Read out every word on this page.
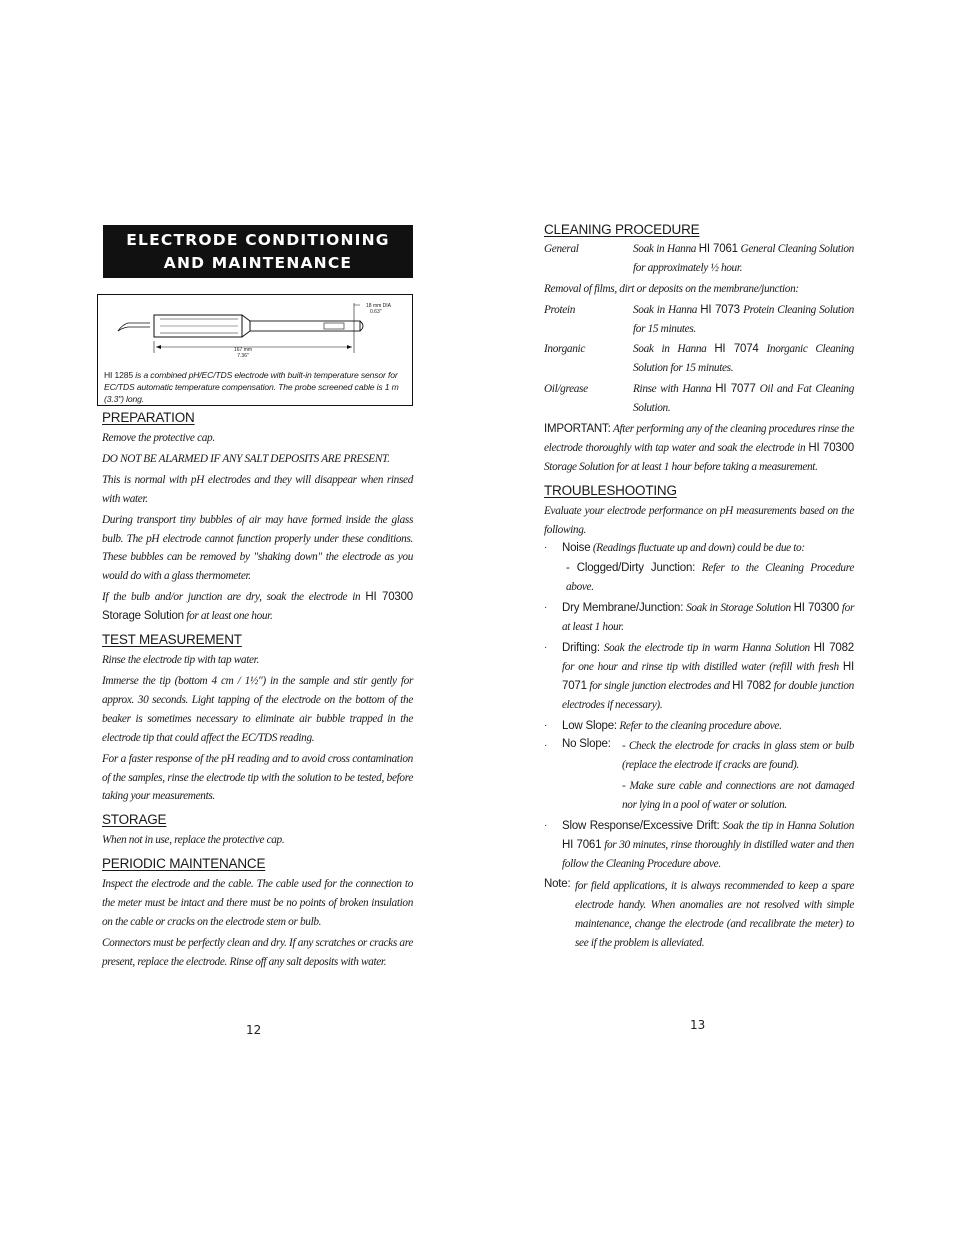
ELECTRODE CONDITIONING
AND MAINTENANCE
18 mm DIA
0.63"
167 mm
7.36"
HI 1285 is a combined pH/EC/TDS electrode with built-in temperature sensor for EC/TDS automatic temperature compensation. The probe screened cable is 1 m (3.3") long.
PREPARATION

Remove the protective cap.

DO NOT BE ALARMED IF ANY SALT DEPOSITS ARE PRESENT.

This is normal with pH electrodes and they will disappear when rinsed with water.

During transport tiny bubbles of air may have formed inside the glass bulb. The pH electrode cannot function properly under these conditions. These bubbles can be removed by "shaking down" the electrode as you would do with a glass thermometer.

If the bulb and/or junction are dry, soak the electrode in HI 70300 Storage Solution for at least one hour.

TEST MEASUREMENT

Rinse the electrode tip with tap water.

Immerse the tip (bottom 4 cm / 1½") in the sample and stir gently for approx. 30 seconds. Light tapping of the electrode on the bottom of the beaker is sometimes necessary to eliminate air bubble trapped in the electrode tip that could affect the EC/TDS reading.

For a faster response of the pH reading and to avoid cross contamination of the samples, rinse the electrode tip with the solution to be tested, before taking your measurements.

STORAGE

When not in use, replace the protective cap.

PERIODIC MAINTENANCE

Inspect the electrode and the cable. The cable used for the connection to the meter must be intact and there must be no points of broken insulation on the cable or cracks on the electrode stem or bulb.

Connectors must be perfectly clean and dry. If any scratches or cracks are present, replace the electrode. Rinse off any salt deposits with water.

12
CLEANING PROCEDURE
General	Soak in Hanna HI 7061 General Cleaning Solution for approximately ½ hour.

Removal of films, dirt or deposits on the membrane/junction:

Protein	Soak in Hanna HI 7073 Protein Cleaning Solution for 15 minutes.

Inorganic	Soak in Hanna HI 7074 Inorganic Cleaning Solution for 15 minutes.

Oil/grease	Rinse with Hanna HI 7077 Oil and Fat Cleaning Solution.

IMPORTANT: After performing any of the cleaning procedures rinse the electrode thoroughly with tap water and soak the electrode in HI 70300 Storage Solution for at least 1 hour before taking a measurement.

TROUBLESHOOTING

Evaluate your electrode performance on pH measurements based on the following.

· Noise (Readings fluctuate up and down) could be due to:

- Clogged/Dirty Junction: Refer to the Cleaning Procedure above.

· Dry Membrane/Junction: Soak in Storage Solution HI 70300 for at least 1 hour.

· Drifting: Soak the electrode tip in warm Hanna Solution HI 7082 for one hour and rinse tip with distilled water (refill with fresh HI 7071 for single junction electrodes and HI 7082 for double junction electrodes if necessary).

· Low Slope: Refer to the cleaning procedure above.

· No Slope: - Check the electrode for cracks in glass stem or bulb (replace the electrode if cracks are found).

- Make sure cable and connections are not damaged nor lying in a pool of water or solution.

· Slow Response/Excessive Drift: Soak the tip in Hanna Solution HI 7061 for 30 minutes, rinse thoroughly in distilled water and then follow the Cleaning Procedure above.

Note: for field applications, it is always recommended to keep a spare electrode handy. When anomalies are not resolved with simple maintenance, change the electrode (and recalibrate the meter) to see if the problem is alleviated.

13
